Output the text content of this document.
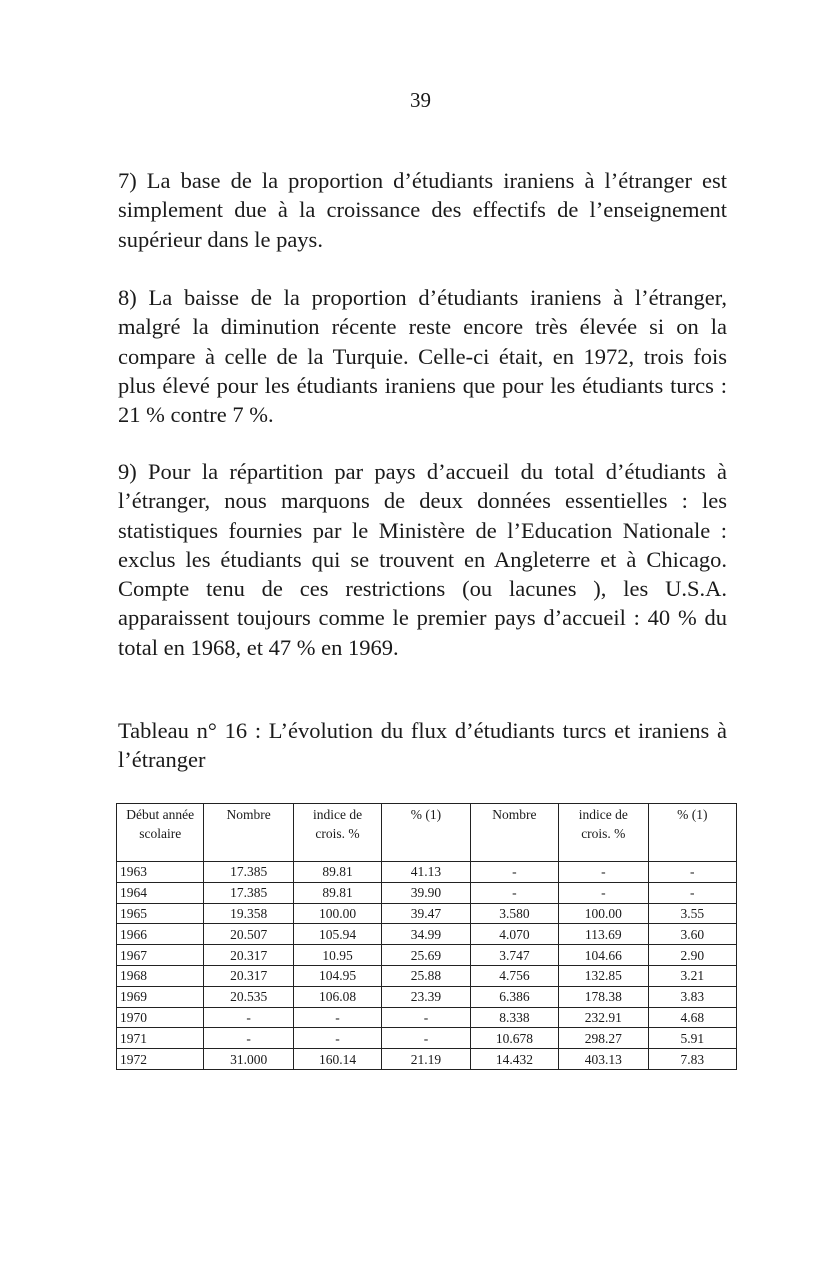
39

7) La base de la proportion d’étudiants iraniens à l’étranger est simplement due à la croissance des effectifs de l’enseignement supérieur dans le pays.

8) La baisse de la proportion d’étudiants iraniens à l’étranger, malgré la diminution récente reste encore très élevée si on la compare à celle de la Turquie. Celle-ci était, en 1972, trois fois plus élevé pour les étudiants iraniens que pour les étudiants turcs : 21 % contre 7 %.

9) Pour la répartition par pays d’accueil du total d’étudiants à l’étranger, nous marquons de deux données essentielles : les statistiques fournies par le Ministère de l’Education Nationale : exclus les étudiants qui se trouvent en Angleterre et à Chicago. Compte tenu de ces restrictions (ou lacunes ), les U.S.A. apparaissent toujours comme le premier pays d’accueil : 40 % du total en 1968, et 47 % en 1969.

Tableau n° 16 : L’évolution du flux d’étudiants turcs et iraniens à l’étranger

Début année scolaire	Nombre	indice de crois. %	% (1)	Nombre	indice de crois. %	% (1)
1963	17.385	89.81	41.13	-	-	-
1964	17.385	89.81	39.90	-	-	-
1965	19.358	100.00	39.47	3.580	100.00	3.55
1966	20.507	105.94	34.99	4.070	113.69	3.60
1967	20.317	10.95	25.69	3.747	104.66	2.90
1968	20.317	104.95	25.88	4.756	132.85	3.21
1969	20.535	106.08	23.39	6.386	178.38	3.83
1970	-	-	-	8.338	232.91	4.68
1971	-	-	-	10.678	298.27	5.91
1972	31.000	160.14	21.19	14.432	403.13	7.83
